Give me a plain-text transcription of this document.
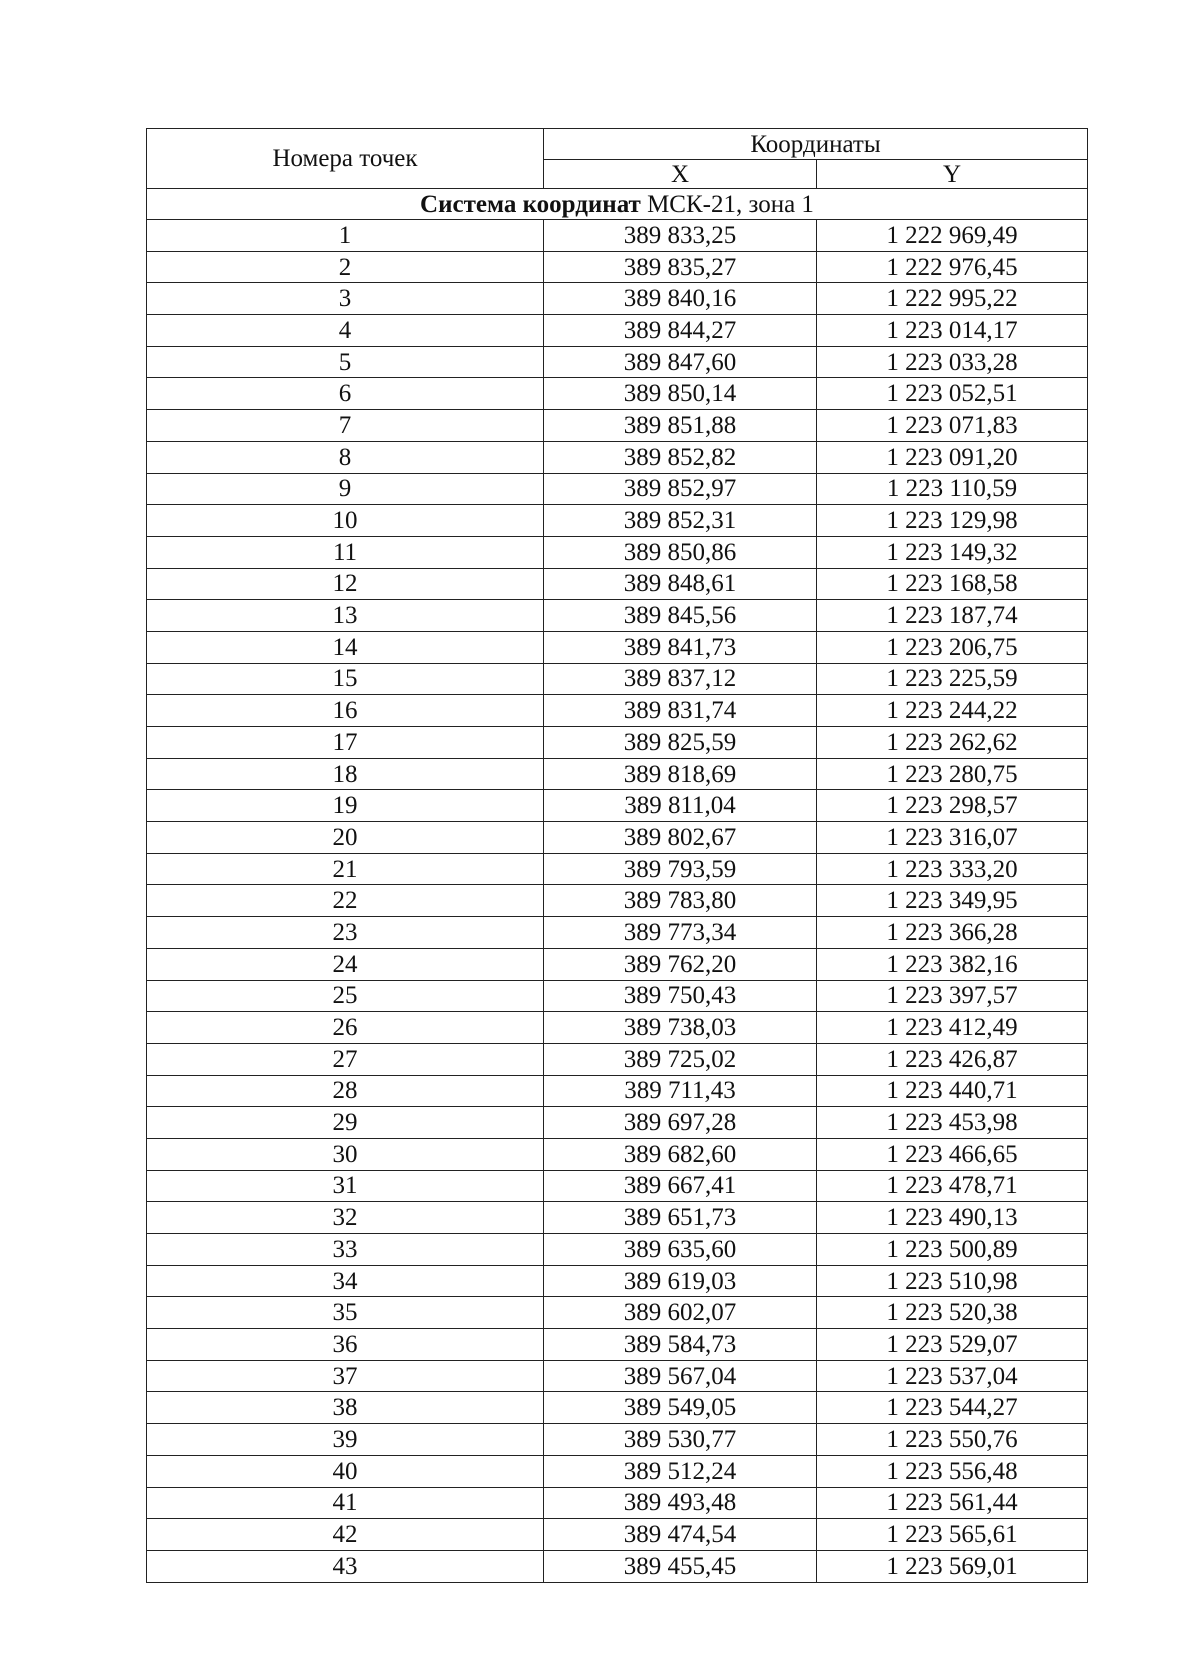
Номера точек	Координаты	
	X	Y
Система координат МСК-21, зона 1		
1	389 833,25	1 222 969,49
2	389 835,27	1 222 976,45
3	389 840,16	1 222 995,22
4	389 844,27	1 223 014,17
5	389 847,60	1 223 033,28
6	389 850,14	1 223 052,51
7	389 851,88	1 223 071,83
8	389 852,82	1 223 091,20
9	389 852,97	1 223 110,59
10	389 852,31	1 223 129,98
11	389 850,86	1 223 149,32
12	389 848,61	1 223 168,58
13	389 845,56	1 223 187,74
14	389 841,73	1 223 206,75
15	389 837,12	1 223 225,59
16	389 831,74	1 223 244,22
17	389 825,59	1 223 262,62
18	389 818,69	1 223 280,75
19	389 811,04	1 223 298,57
20	389 802,67	1 223 316,07
21	389 793,59	1 223 333,20
22	389 783,80	1 223 349,95
23	389 773,34	1 223 366,28
24	389 762,20	1 223 382,16
25	389 750,43	1 223 397,57
26	389 738,03	1 223 412,49
27	389 725,02	1 223 426,87
28	389 711,43	1 223 440,71
29	389 697,28	1 223 453,98
30	389 682,60	1 223 466,65
31	389 667,41	1 223 478,71
32	389 651,73	1 223 490,13
33	389 635,60	1 223 500,89
34	389 619,03	1 223 510,98
35	389 602,07	1 223 520,38
36	389 584,73	1 223 529,07
37	389 567,04	1 223 537,04
38	389 549,05	1 223 544,27
39	389 530,77	1 223 550,76
40	389 512,24	1 223 556,48
41	389 493,48	1 223 561,44
42	389 474,54	1 223 565,61
43	389 455,45	1 223 569,01
